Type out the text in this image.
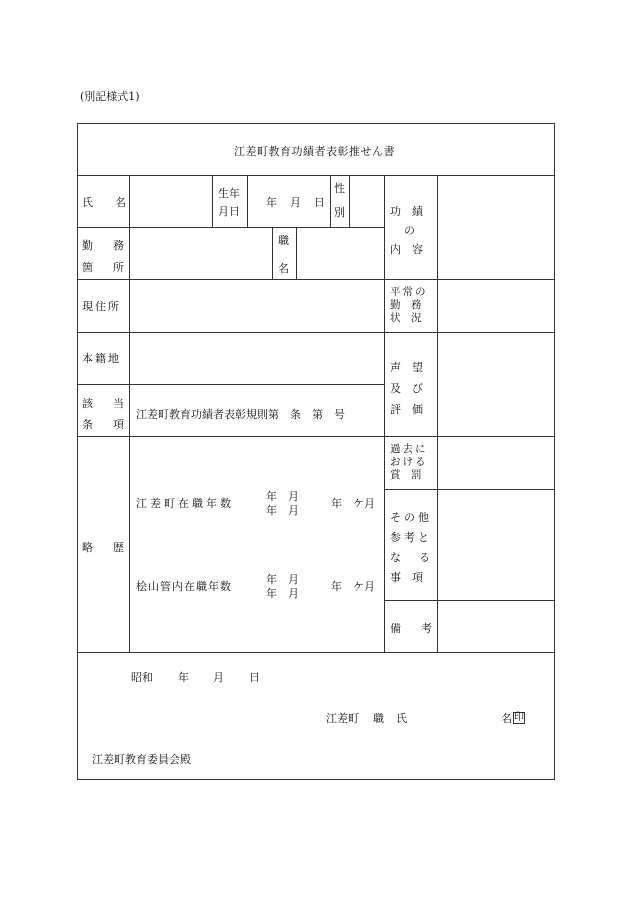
(別記様式1)
江差町教育功績者表彰推せん書
氏 名
生年
月日
年 月 日
性
別
勤 務
箇 所
職
名
現住所
本籍地
該 当
条 項
江差町教育功績者表彰規則第　条　第　号
略 歴
江差町在職年数
年　月
年　月
年　ケ月
桧山管内在職年数
年　月
年　月
年　ケ月
功　績
の
内　容
平常の
勤　務
状　況
声　望
及　び
評　価
過去に
おける
賞　罰
その他
参考と
なる
事　項
備 考
昭和 年 月 日
江差町 職 氏	名 印
江差町教育委員会殿
